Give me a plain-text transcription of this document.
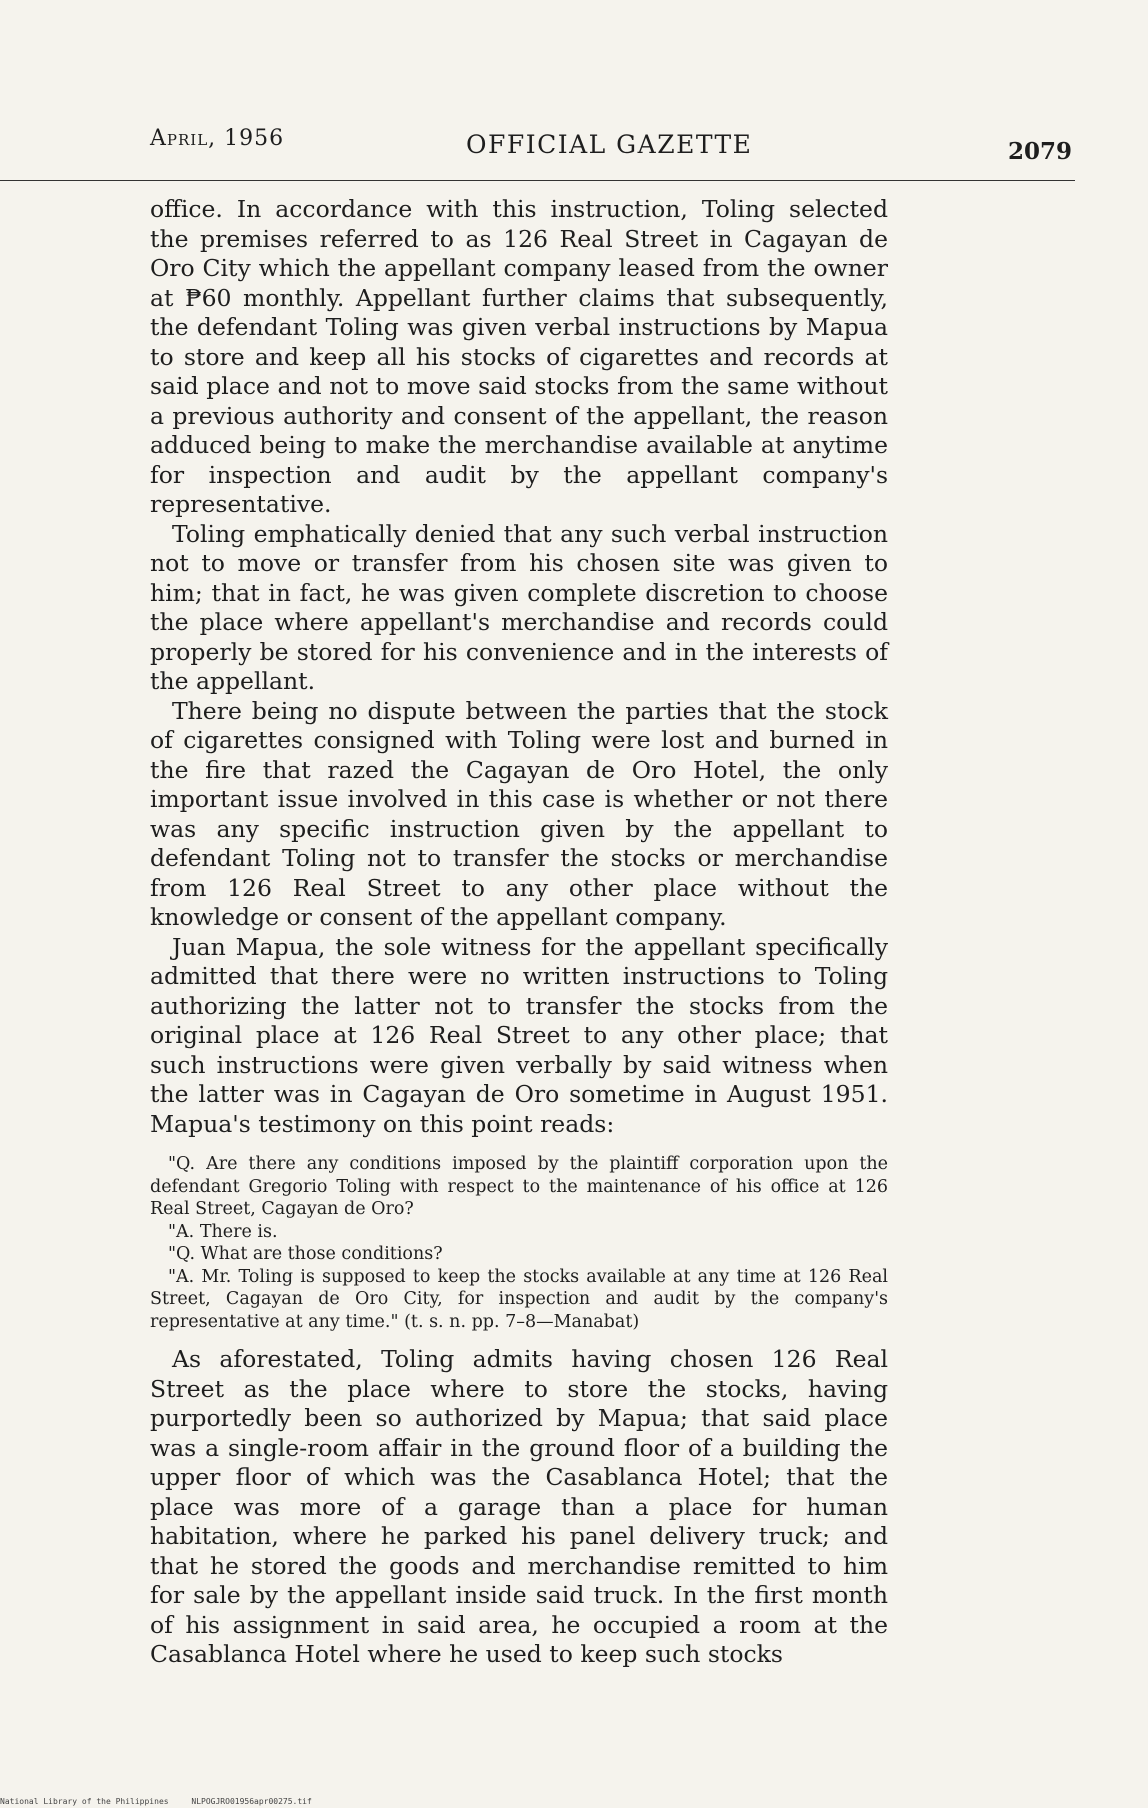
April, 1956	OFFICIAL GAZETTE	2079

office. In accordance with this instruction, Toling selected the premises referred to as 126 Real Street in Cagayan de Oro City which the appellant company leased from the owner at ₱60 monthly. Appellant further claims that subsequently, the defendant Toling was given verbal instructions by Mapua to store and keep all his stocks of cigarettes and records at said place and not to move said stocks from the same without a previous authority and consent of the appellant, the reason adduced being to make the merchandise available at anytime for inspection and audit by the appellant company's representative.

Toling emphatically denied that any such verbal instruction not to move or transfer from his chosen site was given to him; that in fact, he was given complete discretion to choose the place where appellant's merchandise and records could properly be stored for his convenience and in the interests of the appellant.

There being no dispute between the parties that the stock of cigarettes consigned with Toling were lost and burned in the fire that razed the Cagayan de Oro Hotel, the only important issue involved in this case is whether or not there was any specific instruction given by the appellant to defendant Toling not to transfer the stocks or merchandise from 126 Real Street to any other place without the knowledge or consent of the appellant company.

Juan Mapua, the sole witness for the appellant specifically admitted that there were no written instructions to Toling authorizing the latter not to transfer the stocks from the original place at 126 Real Street to any other place; that such instructions were given verbally by said witness when the latter was in Cagayan de Oro sometime in August 1951. Mapua's testimony on this point reads:

"Q. Are there any conditions imposed by the plaintiff corporation upon the defendant Gregorio Toling with respect to the maintenance of his office at 126 Real Street, Cagayan de Oro?

"A. There is.

"Q. What are those conditions?

"A. Mr. Toling is supposed to keep the stocks available at any time at 126 Real Street, Cagayan de Oro City, for inspection and audit by the company's representative at any time." (t. s. n. pp. 7–8—Manabat)

As aforestated, Toling admits having chosen 126 Real Street as the place where to store the stocks, having purportedly been so authorized by Mapua; that said place was a single-room affair in the ground floor of a building the upper floor of which was the Casablanca Hotel; that the place was more of a garage than a place for human habitation, where he parked his panel delivery truck; and that he stored the goods and merchandise remitted to him for sale by the appellant inside said truck. In the first month of his assignment in said area, he occupied a room at the Casablanca Hotel where he used to keep such stocks

National Library of the Philippines	NLPOGJRO01956apr00275.tif
